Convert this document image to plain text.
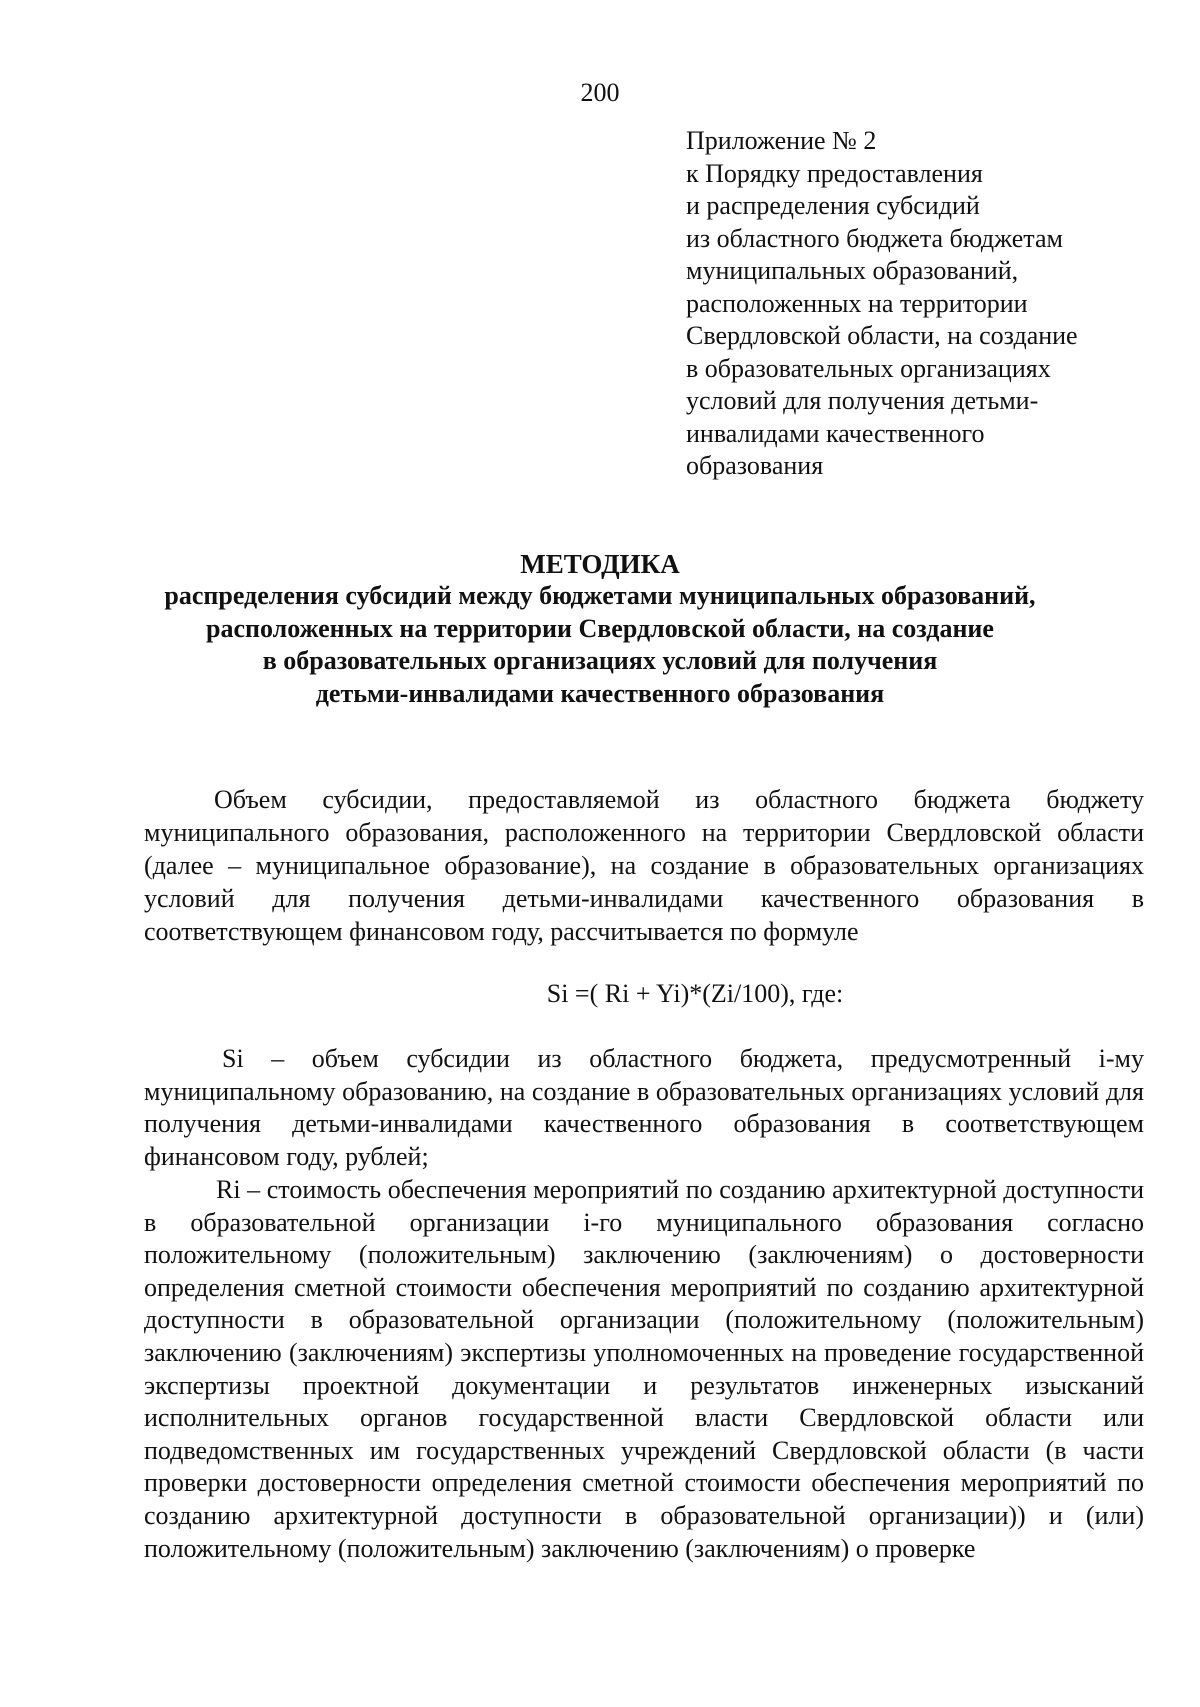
200
Приложение № 2
к Порядку предоставления
и распределения субсидий
из областного бюджета бюджетам
муниципальных образований,
расположенных на территории
Свердловской области, на создание
в образовательных организациях
условий для получения детьми-
инвалидами качественного
образования
МЕТОДИКА
распределения субсидий между бюджетами муниципальных образований,
расположенных на территории Свердловской области, на создание
в образовательных организациях условий для получения
детьми-инвалидами качественного образования
Объем субсидии, предоставляемой из областного бюджета бюджету муниципального образования, расположенного на территории Свердловской области (далее – муниципальное образование), на создание в образовательных организациях условий для получения детьми-инвалидами качественного образования в соответствующем финансовом году, рассчитывается по формуле
Si =( Ri + Yi)*(Zi/100), где:
Si – объем субсидии из областного бюджета, предусмотренный i-му муниципальному образованию, на создание в образовательных организациях условий для получения детьми-инвалидами качественного образования в соответствующем финансовом году, рублей;
Ri – стоимость обеспечения мероприятий по созданию архитектурной доступности в образовательной организации i-го муниципального образования согласно положительному (положительным) заключению (заключениям) о достоверности определения сметной стоимости обеспечения мероприятий по созданию архитектурной доступности в образовательной организации (положительному (положительным) заключению (заключениям) экспертизы уполномоченных на проведение государственной экспертизы проектной документации и результатов инженерных изысканий исполнительных органов государственной власти Свердловской области или подведомственных им государственных учреждений Свердловской области (в части проверки достоверности определения сметной стоимости обеспечения мероприятий по созданию архитектурной доступности в образовательной организации)) и (или) положительному (положительным) заключению (заключениям) о проверке
